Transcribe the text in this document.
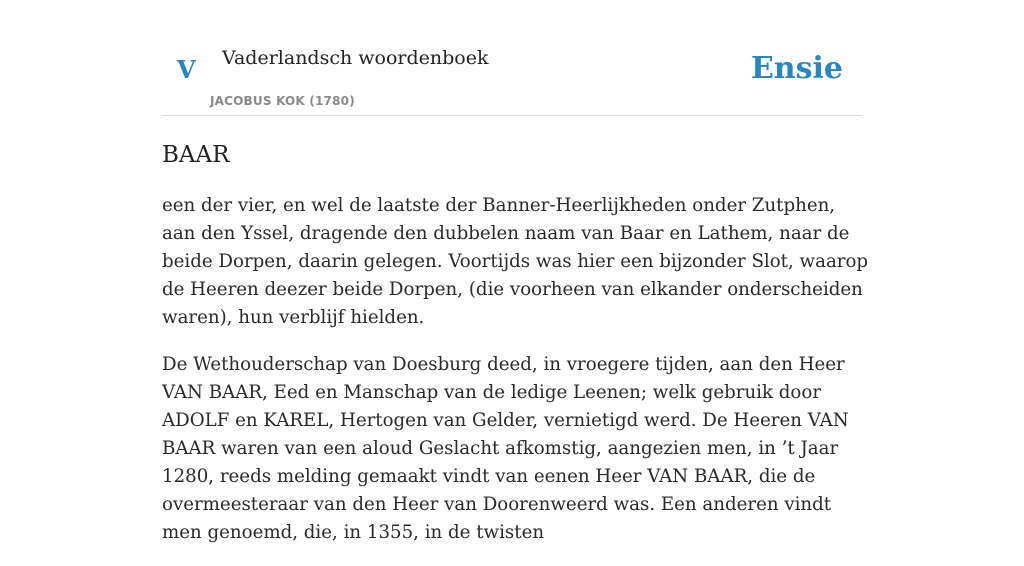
V Vaderlandsch woordenboek
JACOBUS KOK (1780)
Ensie
BAAR

een der vier, en wel de laatste der Banner-Heerlijkheden onder Zutphen, aan den Yssel, dragende den dubbelen naam van Baar en Lathem, naar de beide Dorpen, daarin gelegen. Voortijds was hier een bijzonder Slot, waarop de Heeren deezer beide Dorpen, (die voorheen van elkander onderscheiden waren), hun verblijf hielden.

De Wethouderschap van Doesburg deed, in vroegere tijden, aan den Heer VAN BAAR, Eed en Manschap van de ledige Leenen; welk gebruik door ADOLF en KAREL, Hertogen van Gelder, vernietigd werd. De Heeren VAN BAAR waren van een aloud Geslacht afkomstig, aangezien men, in ’t Jaar 1280, reeds melding gemaakt vindt van eenen Heer VAN BAAR, die de overmeesteraar van den Heer van Doorenweerd was. Een anderen vindt men genoemd, die, in 1355, in de twisten
